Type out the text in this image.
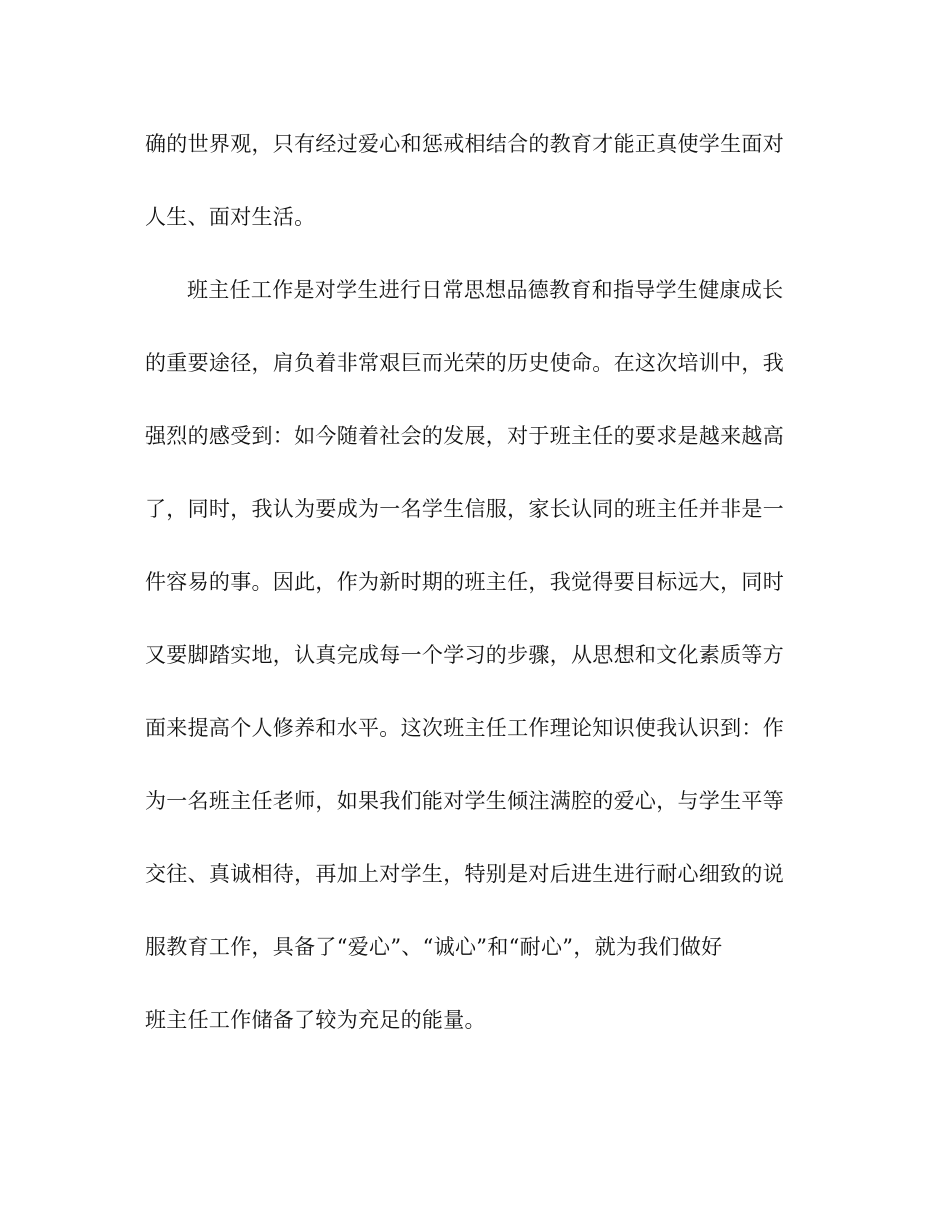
确的世界观，只有经过爱心和惩戒相结合的教育才能正真使学生面对
人生、面对生活。
班主任工作是对学生进行日常思想品德教育和指导学生健康成长
的重要途径，肩负着非常艰巨而光荣的历史使命。在这次培训中，我
强烈的感受到：如今随着社会的发展，对于班主任的要求是越来越高
了，同时，我认为要成为一名学生信服，家长认同的班主任并非是一
件容易的事。因此，作为新时期的班主任，我觉得要目标远大，同时
又要脚踏实地，认真完成每一个学习的步骤，从思想和文化素质等方
面来提高个人修养和水平。这次班主任工作理论知识使我认识到：作
为一名班主任老师，如果我们能对学生倾注满腔的爱心，与学生平等
交往、真诚相待，再加上对学生，特别是对后进生进行耐心细致的说
服教育工作，具备了“爱心”、“诚心”和“耐心”，就为我们做好
班主任工作储备了较为充足的能量。
